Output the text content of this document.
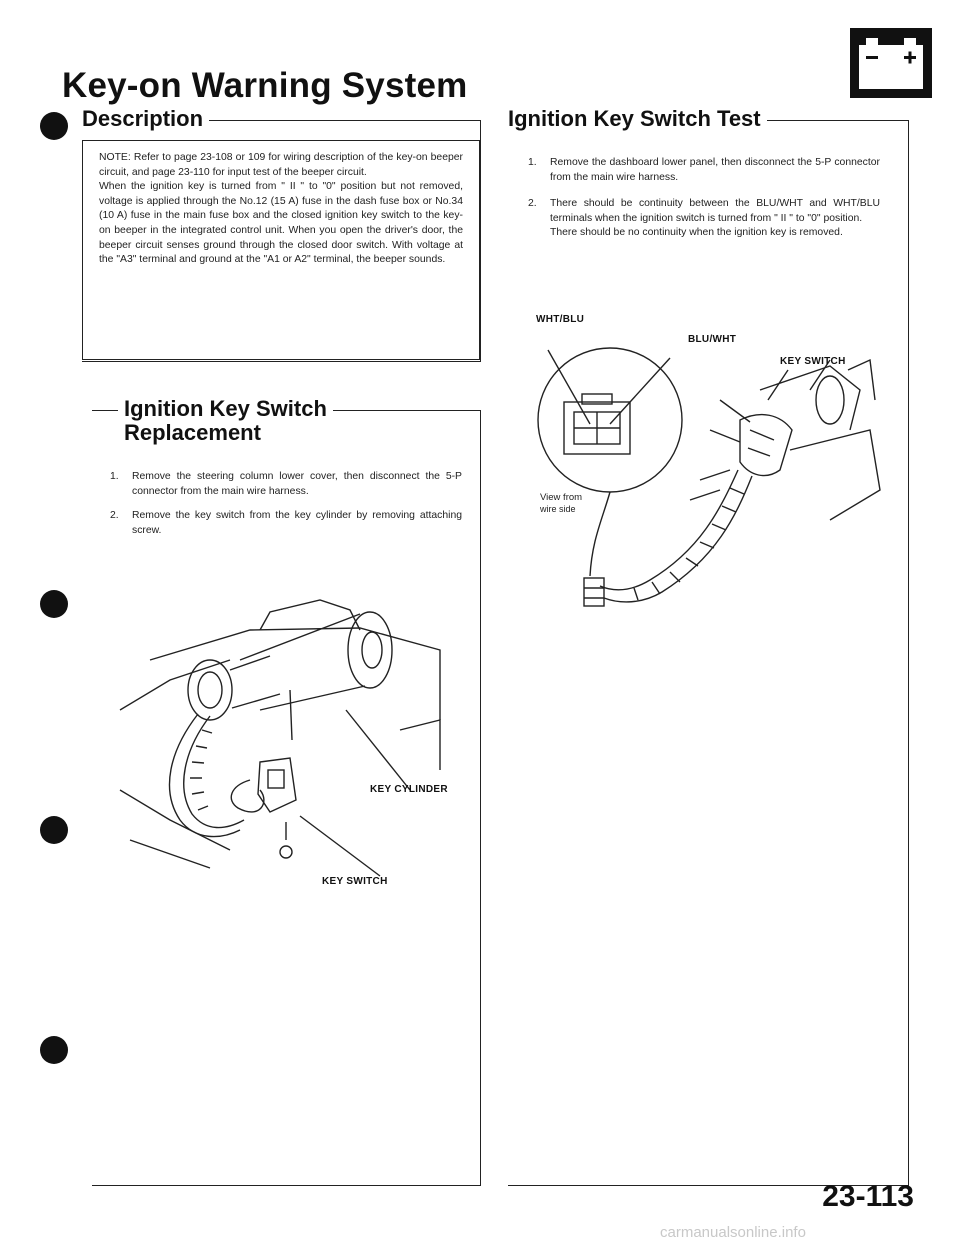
Key-on Warning System
Description
NOTE: Refer to page 23-108 or 109 for wiring description of the key-on beeper circuit, and page 23-110 for input test of the beeper circuit.
When the ignition key is turned from " II " to "0" position but not removed, voltage is applied through the No.12 (15 A) fuse in the dash fuse box or No.34 (10 A) fuse in the main fuse box and the closed ignition key switch to the key-on beeper in the integrated control unit. When you open the driver's door, the beeper circuit senses ground through the closed door switch. With voltage at the "A3" terminal and ground at the "A1 or A2" terminal, the beeper sounds.
Ignition Key Switch
Replacement
1.	Remove the steering column lower cover, then disconnect the 5-P connector from the main wire harness.
2.	Remove the key switch from the key cylinder by removing attaching screw.
KEY CYLINDER
KEY SWITCH
Ignition Key Switch Test
1.	Remove the dashboard lower panel, then disconnect the 5-P connector from the main wire harness.
2.	There should be continuity between the BLU/WHT and WHT/BLU terminals when the ignition switch is turned from " II " to "0" position.
There should be no continuity when the ignition key is removed.
WHT/BLU
BLU/WHT
KEY SWITCH
View from
wire side
23-113
carmanualsonline.info
